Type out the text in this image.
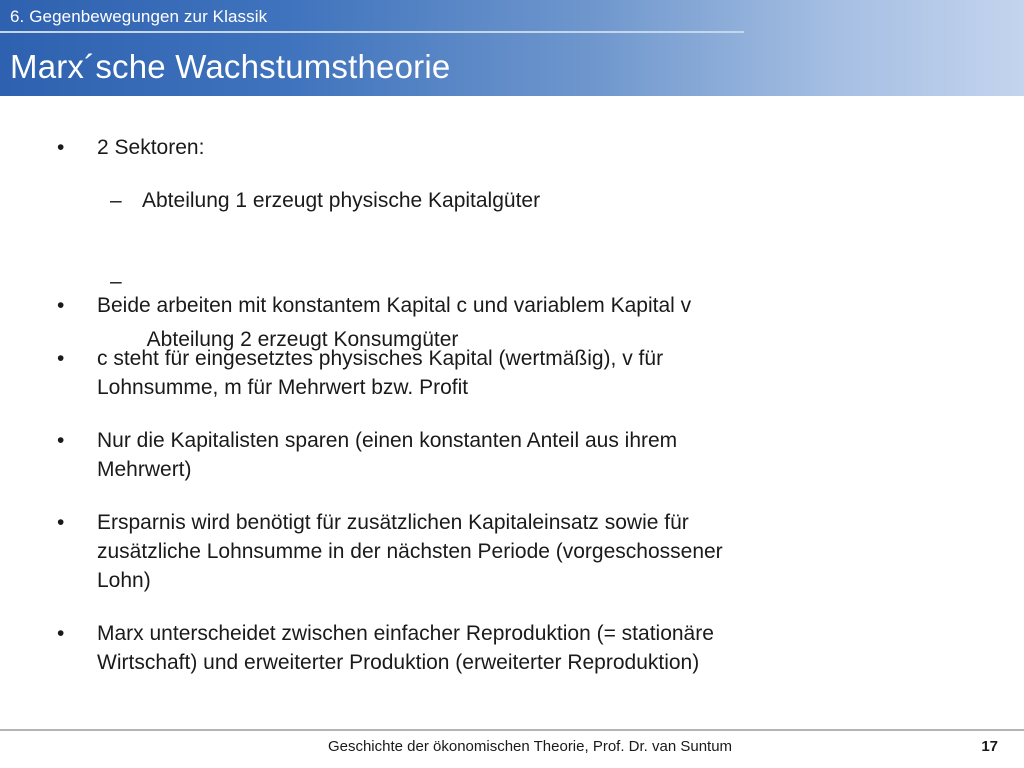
6. Gegenbewegungen zur Klassik
Marx´sche Wachstumstheorie
• 2 Sektoren:
– Abteilung 1 erzeugt physische Kapitalgüter

–

Abteilung 2 erzeugt Konsumgüter

• Beide arbeiten mit konstantem Kapital c und variablem Kapital v
• c steht für eingesetztes physisches Kapital (wertmäßig), v für
Lohnsumme, m für Mehrwert bzw. Profit
• Nur die Kapitalisten sparen (einen konstanten Anteil aus ihrem
Mehrwert)
• Ersparnis wird benötigt für zusätzlichen Kapitaleinsatz sowie für
zusätzliche Lohnsumme in der nächsten Periode (vorgeschossener
Lohn)
• Marx unterscheidet zwischen einfacher Reproduktion (= stationäre
Wirtschaft) und erweiterter Produktion (erweiterter Reproduktion)
Geschichte der ökonomischen Theorie, Prof. Dr. van Suntum	17
